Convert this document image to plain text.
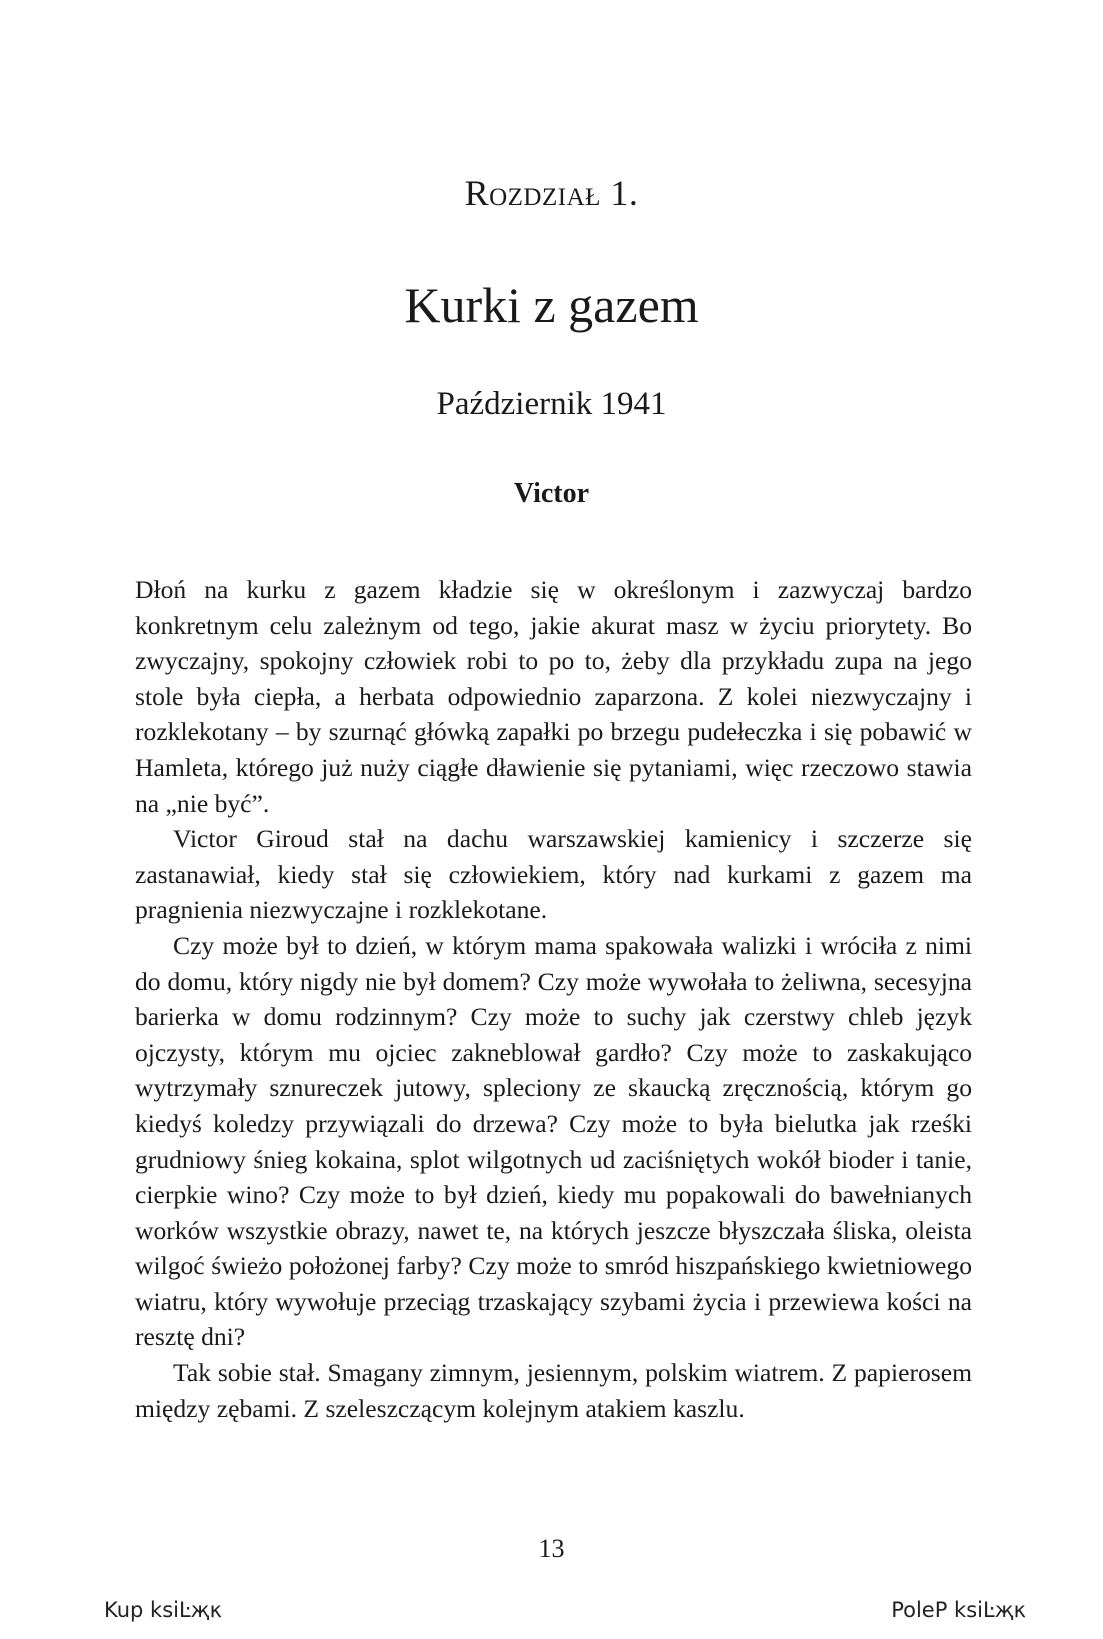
Rozdział 1.
Kurki z gazem
Październik 1941
Victor

Dłoń na kurku z gazem kładzie się w określonym i zazwyczaj bardzo konkretnym celu zależnym od tego, jakie akurat masz w życiu priorytety. Bo zwyczajny, spokojny człowiek robi to po to, żeby dla przykładu zupa na jego stole była ciepła, a herbata odpowiednio zaparzona. Z kolei niezwyczajny i rozklekotany – by szurnąć główką zapałki po brzegu pudełeczka i się pobawić w Hamleta, którego już nuży ciągłe dławienie się pytaniami, więc rzeczowo stawia na „nie być”.

Victor Giroud stał na dachu warszawskiej kamienicy i szczerze się zastanawiał, kiedy stał się człowiekiem, który nad kurkami z gazem ma pragnienia niezwyczajne i rozklekotane.

Czy może był to dzień, w którym mama spakowała walizki i wróciła z nimi do domu, który nigdy nie był domem? Czy może wywołała to żeliwna, secesyjna barierka w domu rodzinnym? Czy może to suchy jak czerstwy chleb język ojczysty, którym mu ojciec zakneblował gardło? Czy może to zaskakująco wytrzymały sznureczek jutowy, spleciony ze skaucką zręcznością, którym go kiedyś koledzy przywiązali do drzewa? Czy może to była bielutka jak rześki grudniowy śnieg kokaina, splot wilgotnych ud zaciśniętych wokół bioder i tanie, cierpkie wino? Czy może to był dzień, kiedy mu popakowali do bawełnianych worków wszystkie obrazy, nawet te, na których jeszcze błyszczała śliska, oleista wilgoć świeżo położonej farby? Czy może to smród hiszpańskiego kwietniowego wiatru, który wywołuje przeciąg trzaskający szybami życia i przewiewa kości na resztę dni?

Tak sobie stał. Smagany zimnym, jesiennym, polskim wiatrem. Z papierosem między zębami. Z szeleszczącym kolejnym atakiem kaszlu.

13
Kup ksiĿҗκ	PoleP ksiĿҗκ
